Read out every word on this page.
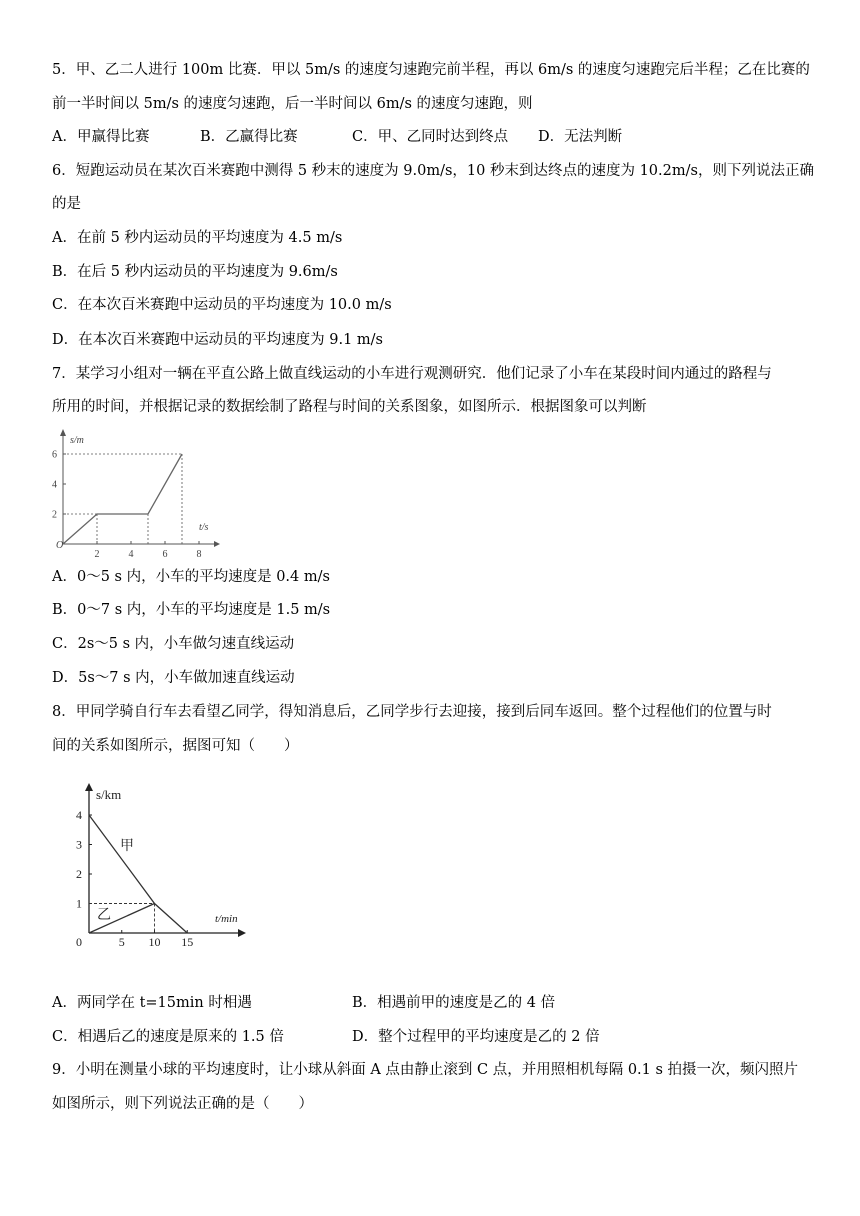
5．甲、乙二人进行 100m 比赛．甲以 5m/s 的速度匀速跑完前半程，再以 6m/s 的速度匀速跑完后半程；乙在比赛的
前一半时间以 5m/s 的速度匀速跑，后一半时间以 6m/s 的速度匀速跑，则
A．甲赢得比赛	B．乙赢得比赛	C．甲、乙同时达到终点 D．无法判断
6．短跑运动员在某次百米赛跑中测得 5 秒末的速度为 9.0m/s，10 秒末到达终点的速度为 10.2m/s，则下列说法正确
的是
A．在前 5 秒内运动员的平均速度为 4.5 m/s
B．在后 5 秒内运动员的平均速度为 9.6m/s
C．在本次百米赛跑中运动员的平均速度为 10.0 m/s
D．在本次百米赛跑中运动员的平均速度为 9.1 m/s
7．某学习小组对一辆在平直公路上做直线运动的小车进行观测研究．他们记录了小车在某段时间内通过的路程与
所用的时间，并根据记录的数据绘制了路程与时间的关系图象，如图所示．根据图象可以判断
s/m
t/s
O
2	4	6	8
2
4
6
A．0～5 s 内，小车的平均速度是 0.4 m/s
B．0～7 s 内，小车的平均速度是 1.5 m/s
C．2s～5 s 内，小车做匀速直线运动
D．5s～7 s 内，小车做加速直线运动
8．甲同学骑自行车去看望乙同学，得知消息后，乙同学步行去迎接，接到后同车返回。整个过程他们的位置与时
间的关系如图所示，据图可知（　　）
s/km
t/min
0	5 10 15
1
2
3
4
甲
乙
A．两同学在 t=15min 时相遇	B．相遇前甲的速度是乙的 4 倍
C．相遇后乙的速度是原来的 1.5 倍	D．整个过程甲的平均速度是乙的 2 倍
9．小明在测量小球的平均速度时，让小球从斜面 A 点由静止滚到 C 点，并用照相机每隔 0.1 s 拍摄一次，频闪照片
如图所示，则下列说法正确的是（　　）
